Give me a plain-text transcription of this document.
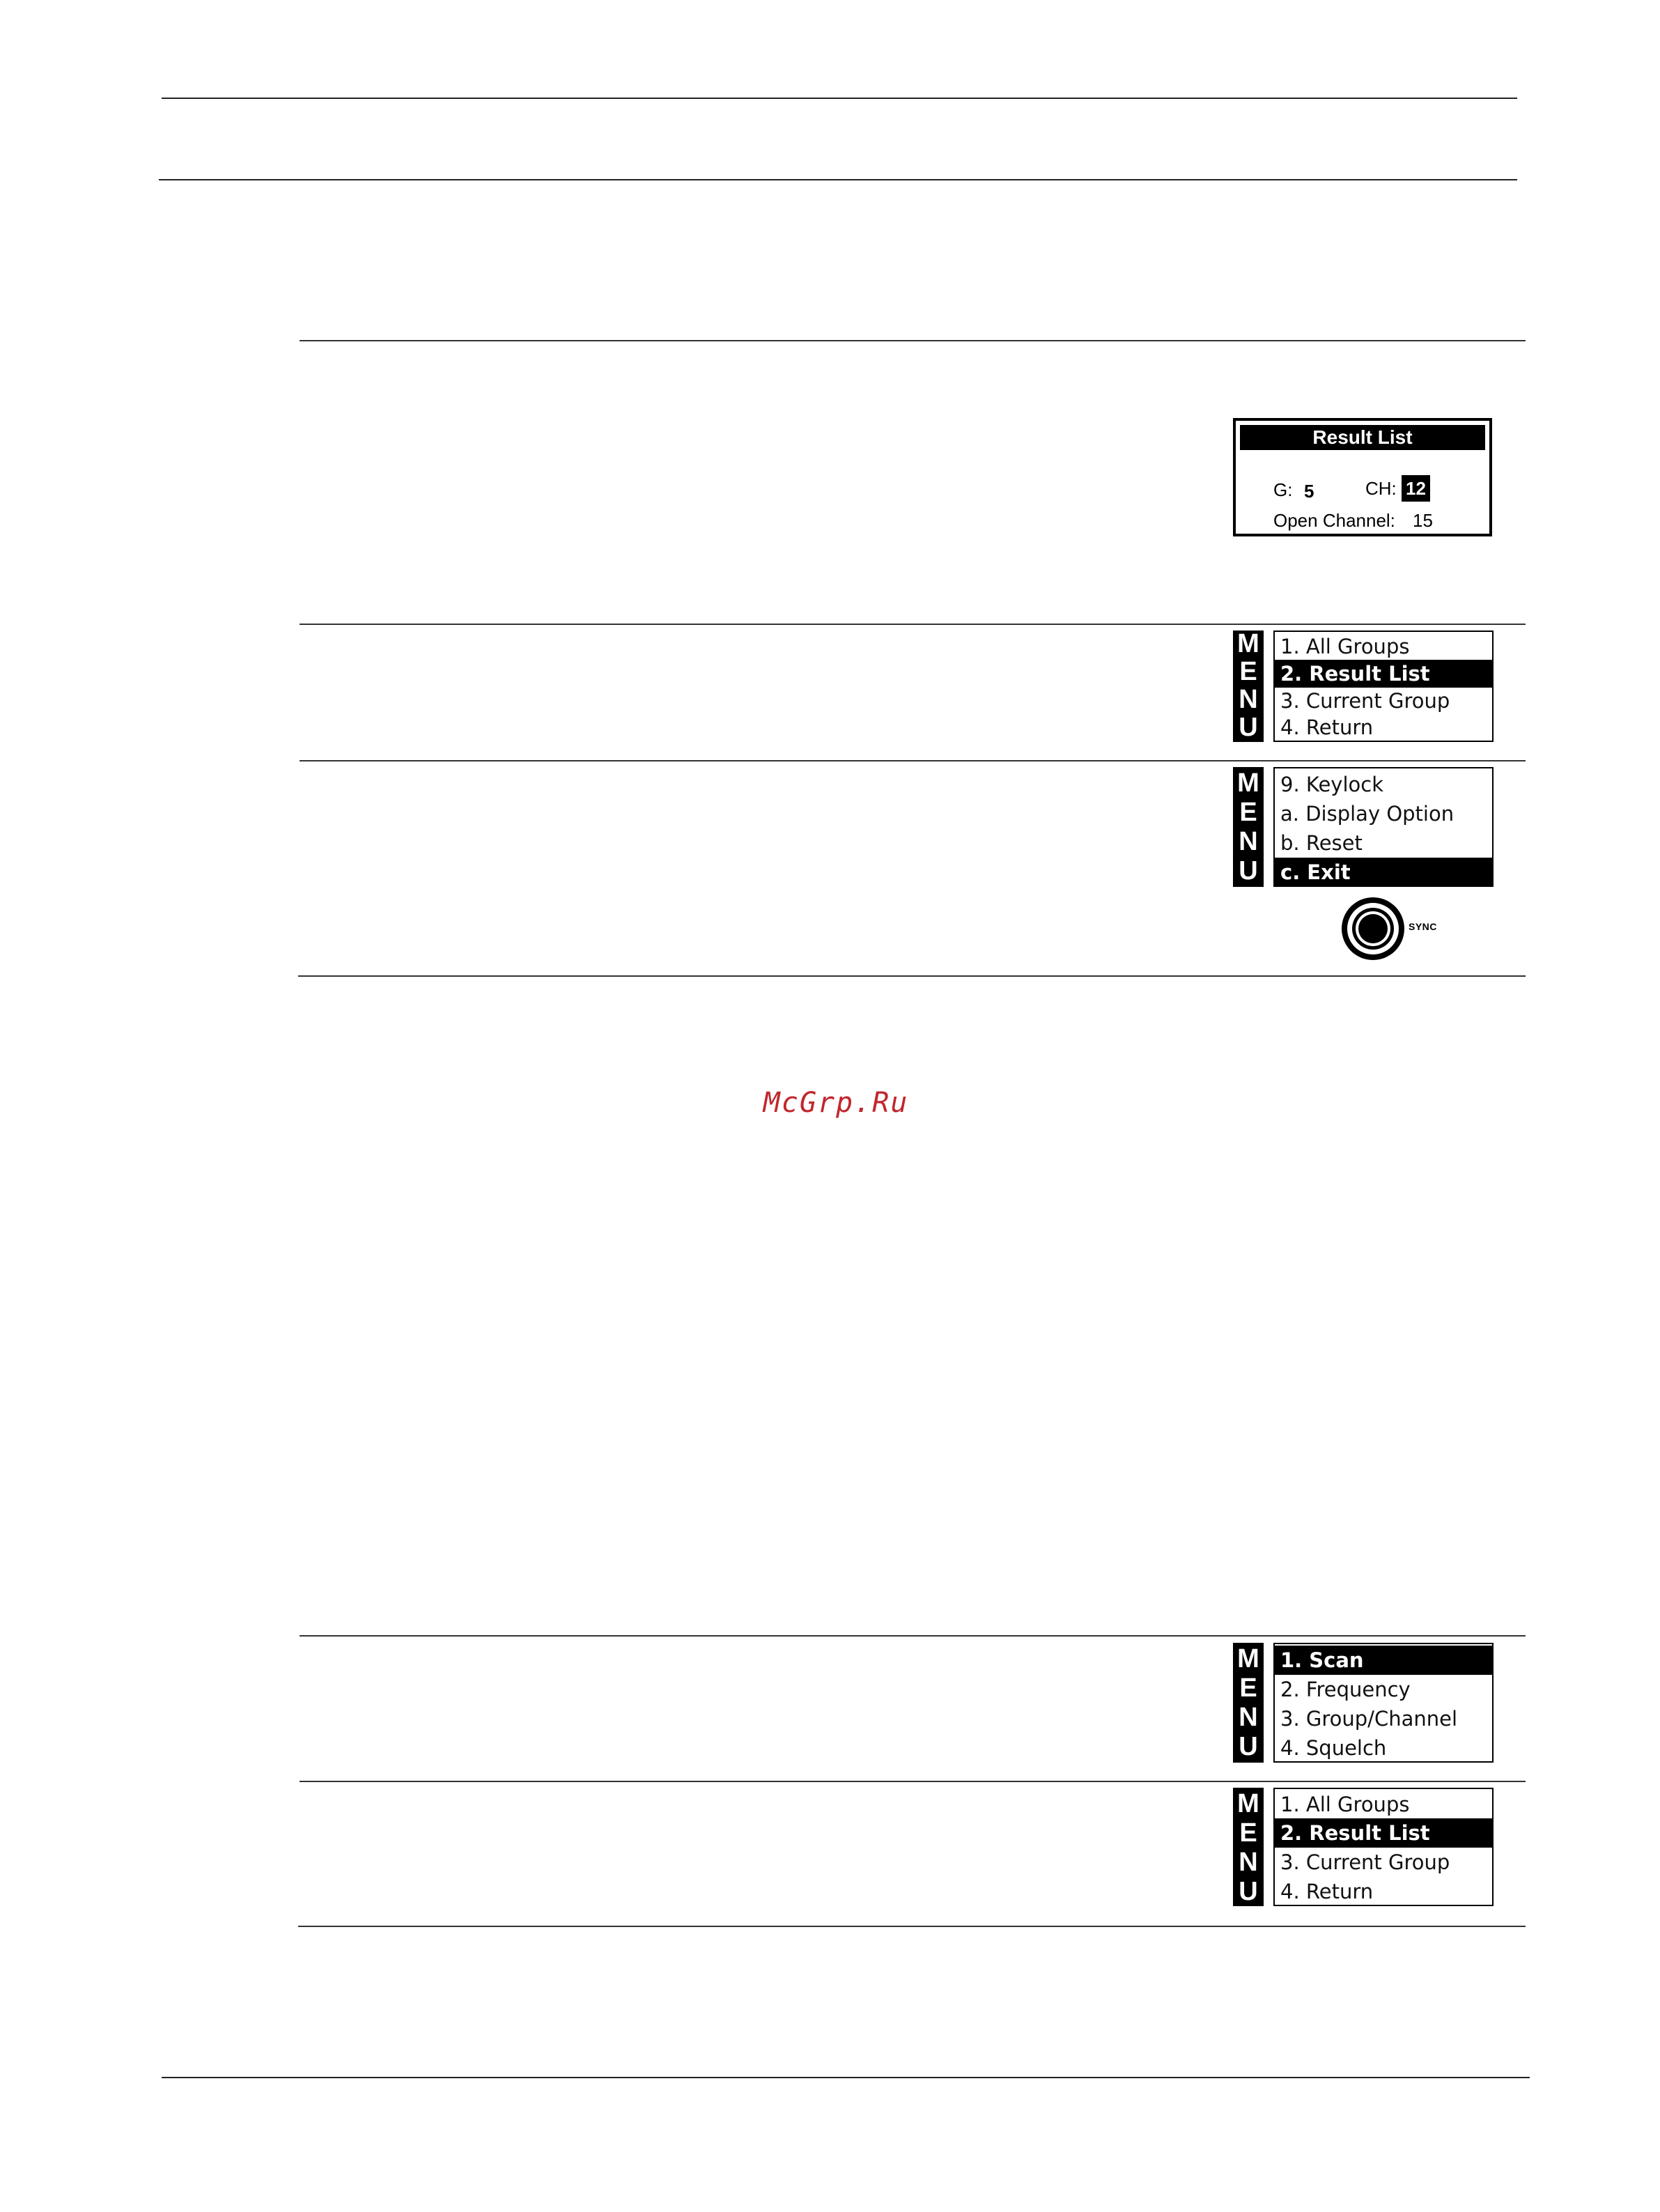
Result List
G: 5	CH: 12
Open Channel: 15
M
E
N
U
1. All Groups
2. Result List
3. Current Group
4. Return
M
E
N
U
9. Keylock
a. Display Option
b. Reset
c. Exit
SYNC
McGrp.Ru
M
E
N
U
1. Scan
2. Frequency
3. Group/Channel
4. Squelch
M
E
N
U
1. All Groups
2. Result List
3. Current Group
4. Return
